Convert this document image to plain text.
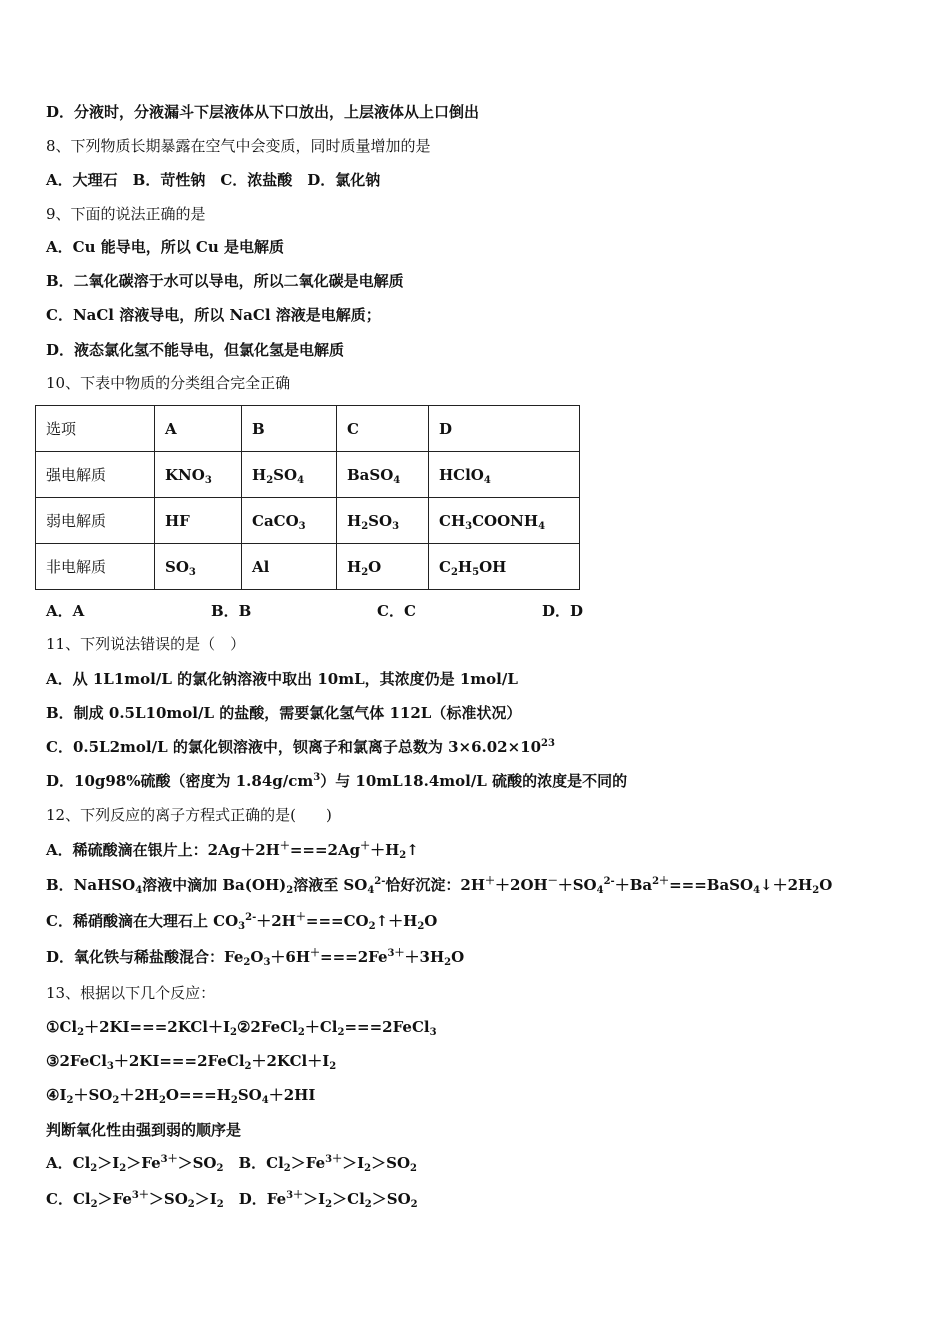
D．分液时，分液漏斗下层液体从下口放出，上层液体从上口倒出
8、下列物质长期暴露在空气中会变质，同时质量增加的是
A．大理石　B．苛性钠　C．浓盐酸　D．氯化钠
9、下面的说法正确的是
A．Cu 能导电，所以 Cu 是电解质
B．二氧化碳溶于水可以导电，所以二氧化碳是电解质
C．NaCl 溶液导电，所以 NaCl 溶液是电解质；
D．液态氯化氢不能导电，但氯化氢是电解质
10、下表中物质的分类组合完全正确
选项	A	B	C	D
强电解质	$KNO_3$	$H_2SO_4$	BaSO$_4$	HClO$_4$
弱电解质	HF	CaCO$_3$	$H_2SO_3$	$CH_3COONH_4$
非电解质	$SO_3$	Al	$H_2O$	$C_2H_5OH$
A．A	B．B	C．C	D．D
11、下列说法错误的是（　）
A．从 1L1mol/L 的氯化钠溶液中取出 10mL，其浓度仍是 1mol/L
B．制成 0.5L10mol/L 的盐酸，需要氯化氢气体 112L（标准状况）
C．0.5L2mol/L 的氯化钡溶液中，钡离子和氯离子总数为 $3\times 6.02\times 10^{23}$
D．10g98%硫酸（密度为 $1.84g/cm^3$）与 10mL18.4mol/L 硫酸的浓度是不同的
12、下列反应的离子方程式正确的是(　　)
A．稀硫酸滴在银片上：$2Ag+2H^+===2Ag^++H_2↑$
B．NaHSO$_4$溶液中滴加 $Ba(OH)_2$溶液至 $SO_4^{2-}$恰好沉淀：$2H^++2OH^-+SO_4^{2-}+Ba^{2+}===BaSO_4↓+2H_2O$
C．稀硝酸滴在大理石上 $CO_3^{2-}+2H^+===CO_2↑+H_2O$
D．氧化铁与稀盐酸混合：$Fe_2O_3+6H^+===2Fe^{3+}+3H_2O$
13、根据以下几个反应：
$①Cl_2+2KI===2KCl+I_2②2FeCl_2+Cl_2===2FeCl_3$
$③2FeCl_3+2KI===2FeCl_2+2KCl+I_2$
$④I_2+SO_2+2H_2O===H_2SO_4+2HI$
判断氧化性由强到弱的顺序是
A．$Cl_2>I_2>Fe^{3+}>SO_2$　B．$Cl_2>Fe^{3+}>I_2>SO_2$
C．$Cl_2>Fe^{3+}>SO_2>I_2$　D．$Fe^{3+}>I_2>Cl_2>SO_2$
